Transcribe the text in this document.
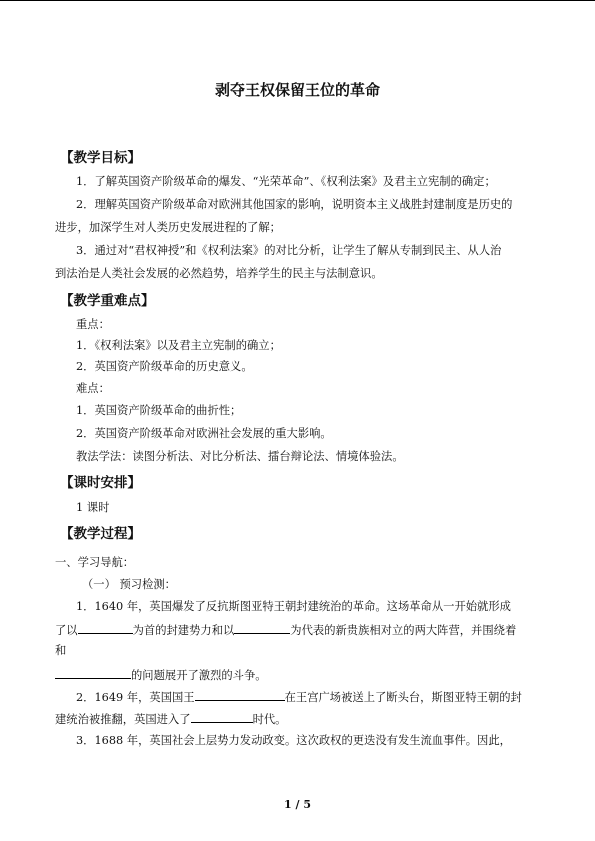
剥夺王权保留王位的革命
【教学目标】
1．了解英国资产阶级革命的爆发、“光荣革命”、《权利法案》及君主立宪制的确定；
2．理解英国资产阶级革命对欧洲其他国家的影响，说明资本主义战胜封建制度是历史的
进步，加深学生对人类历史发展进程的了解；
3．通过对“君权神授”和《权利法案》的对比分析，让学生了解从专制到民主、从人治
到法治是人类社会发展的必然趋势，培养学生的民主与法制意识。
【教学重难点】
重点：
1．《权利法案》以及君主立宪制的确立；
2．英国资产阶级革命的历史意义。
难点：
1．英国资产阶级革命的曲折性；
2．英国资产阶级革命对欧洲社会发展的重大影响。
教法学法：读图分析法、对比分析法、擂台辩论法、情境体验法。
【课时安排】
1 课时
【教学过程】
一、学习导航：
（一） 预习检测：
1．1640 年，英国爆发了反抗斯图亚特王朝封建统治的革命。这场革命从一开始就形成
了以	为首的封建势力和以	为代表的新贵族相对立的两大阵营，并围绕着
和
的问题展开了激烈的斗争。
2．1649 年，英国国王	在王宫广场被送上了断头台，斯图亚特王朝的封
建统治被推翻，英国进入了	时代。
3．1688 年，英国社会上层势力发动政变。这次政权的更迭没有发生流血事件。因此，
1 / 5
